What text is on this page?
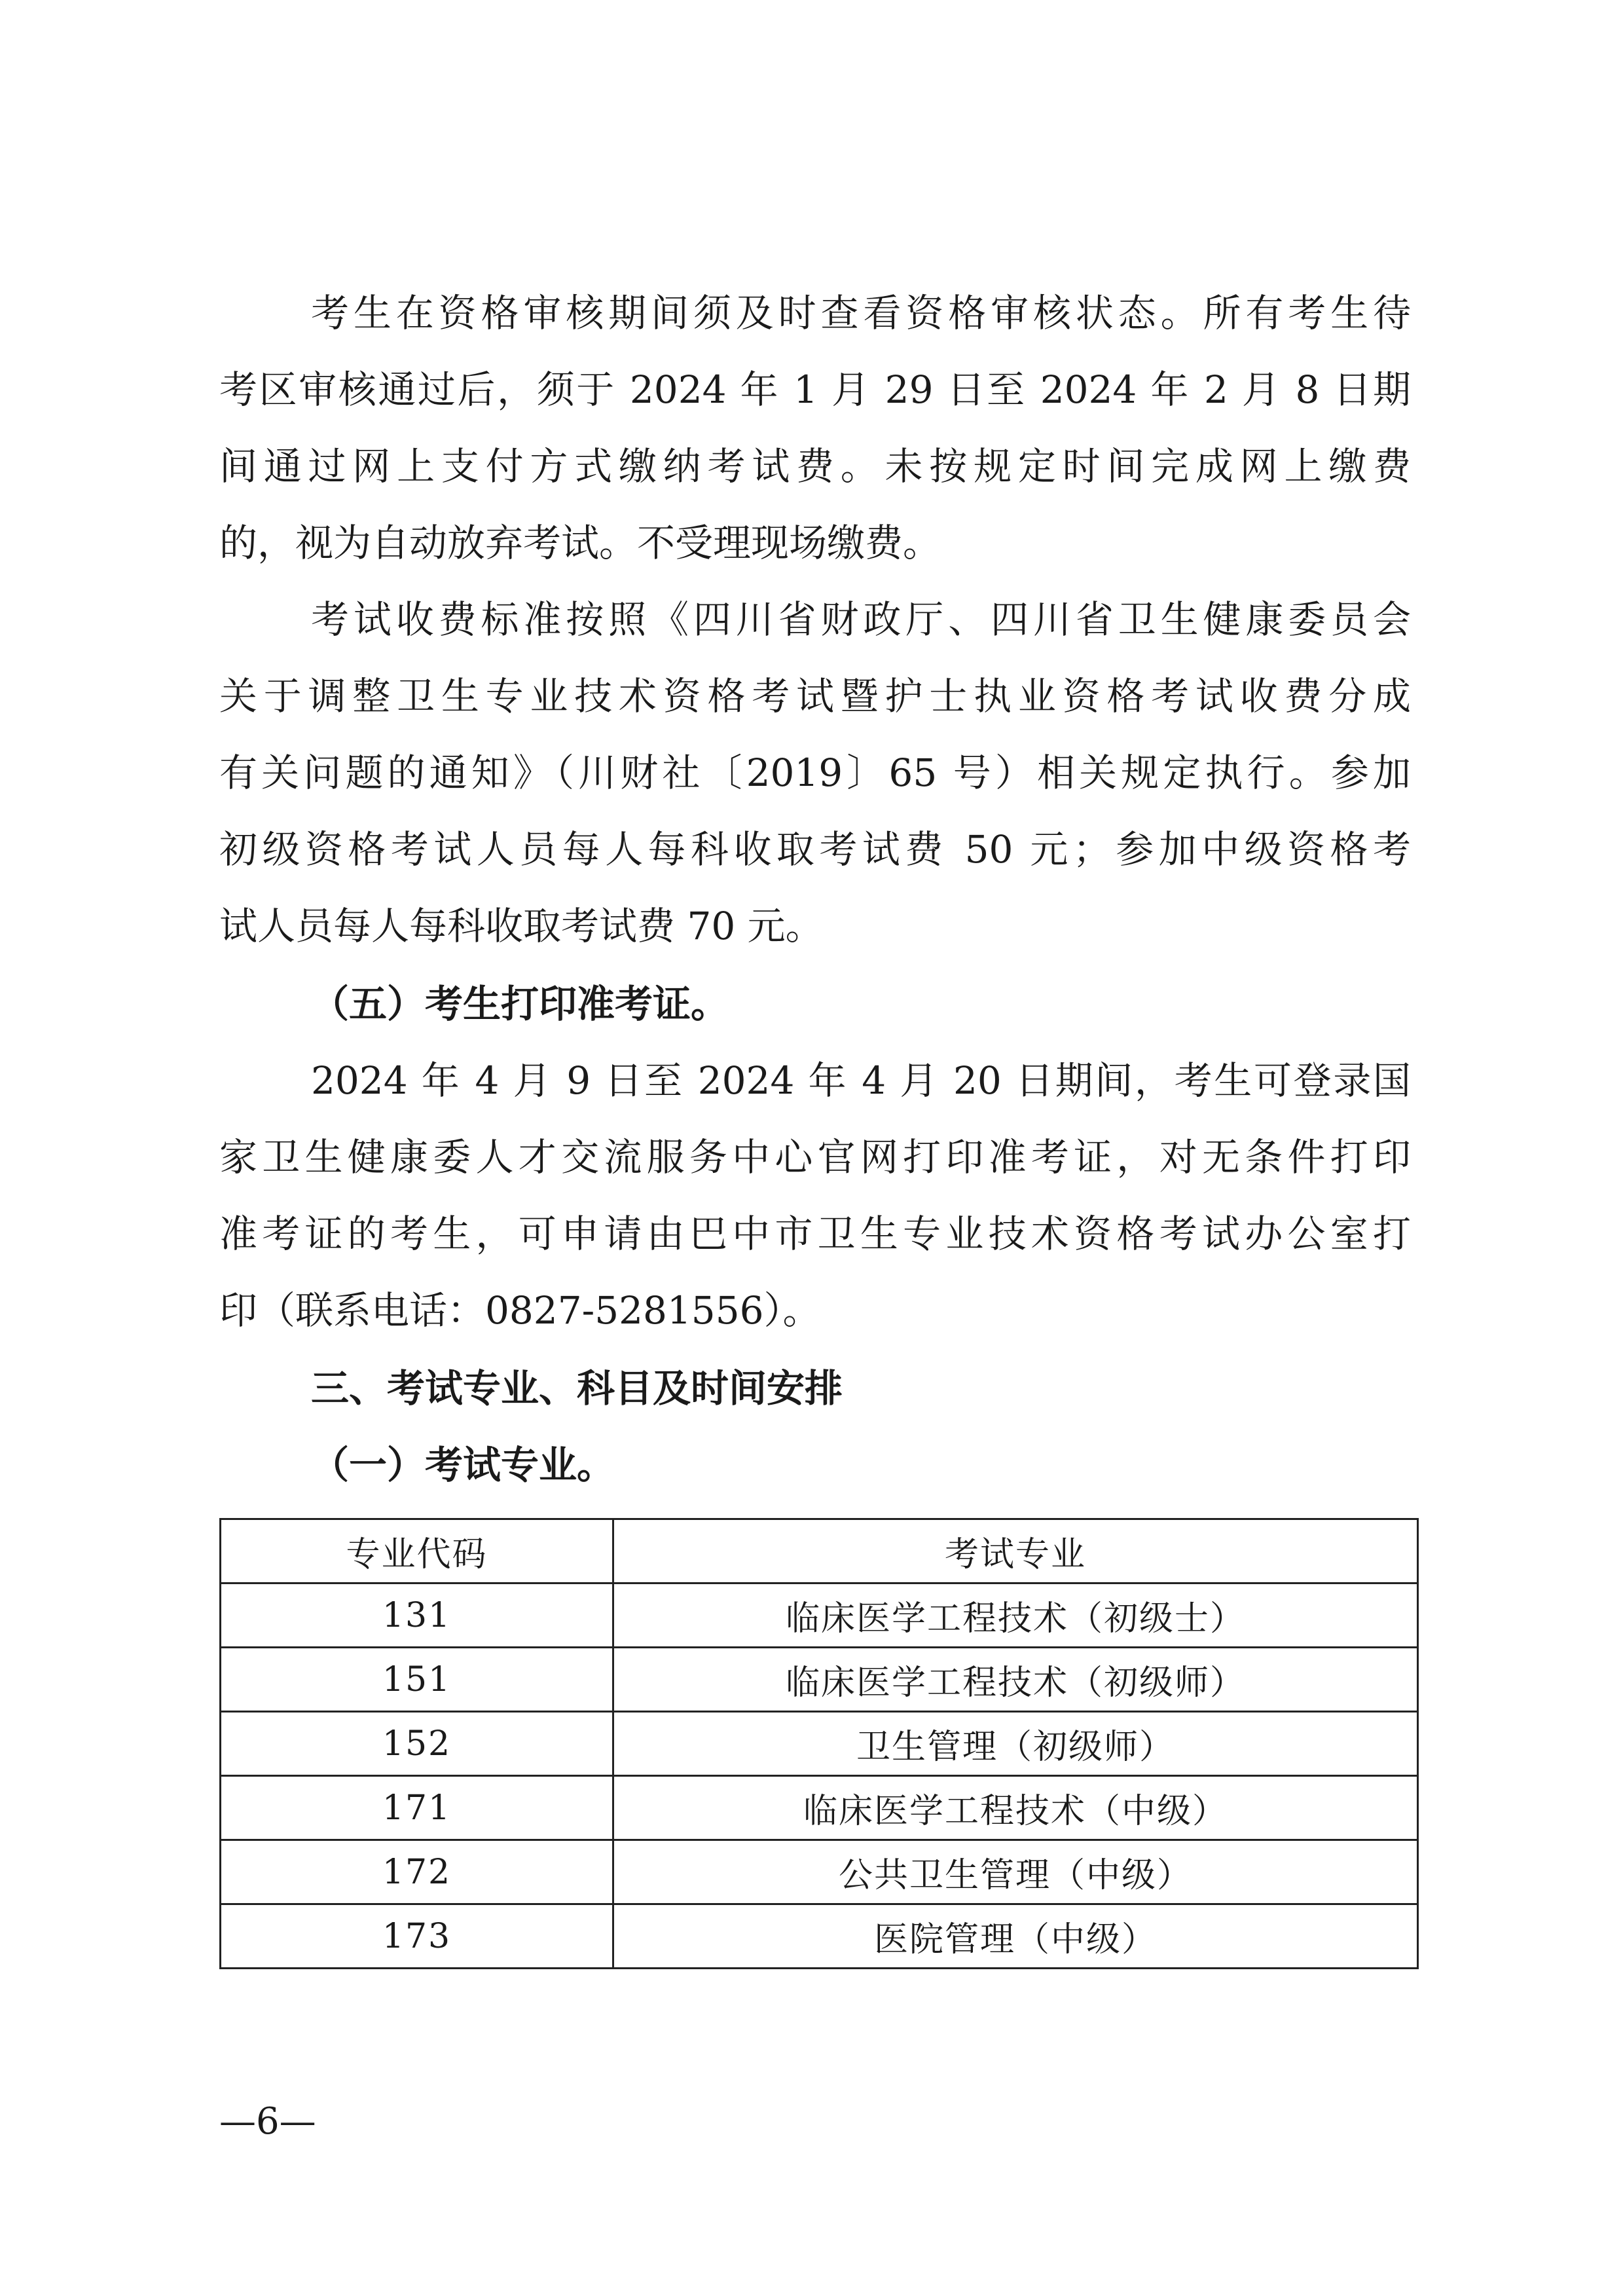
考生在资格审核期间须及时查看资格审核状态。所有考生待
考区审核通过后，须于 2024 年 1 月 29 日至 2024 年 2 月 8 日期
间通过网上支付方式缴纳考试费。未按规定时间完成网上缴费
的，视为自动放弃考试。不受理现场缴费。
考试收费标准按照《四川省财政厅、四川省卫生健康委员会
关于调整卫生专业技术资格考试暨护士执业资格考试收费分成
有关问题的通知》（川财社〔2019〕65 号）相关规定执行。参加
初级资格考试人员每人每科收取考试费 50 元；参加中级资格考
试人员每人每科收取考试费 70 元。
（五）考生打印准考证。
2024 年 4 月 9 日至 2024 年 4 月 20 日期间，考生可登录国
家卫生健康委人才交流服务中心官网打印准考证，对无条件打印
准考证的考生，可申请由巴中市卫生专业技术资格考试办公室打
印（联系电话：0827-5281556）。
三、考试专业、科目及时间安排
（一）考试专业。
专业代码	考试专业
131	临床医学工程技术（初级士）
151	临床医学工程技术（初级师）
152	卫生管理（初级师）
171	临床医学工程技术（中级）
172	公共卫生管理（中级）
173	医院管理（中级）
—6—
